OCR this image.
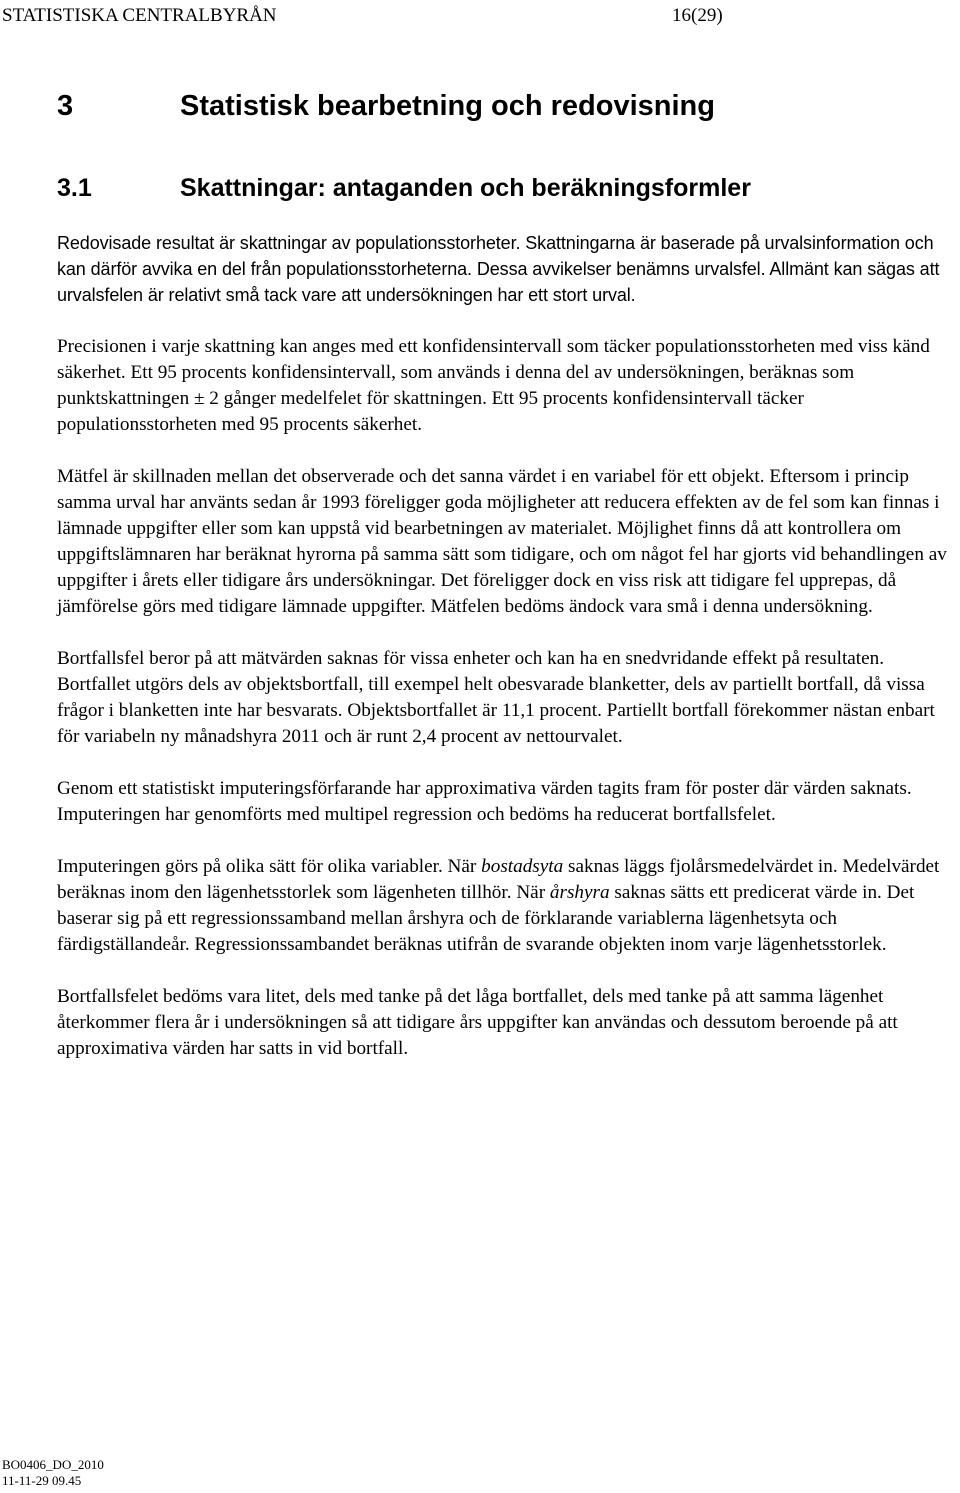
STATISTISKA CENTRALBYRÅN	16(29)
3	Statistisk bearbetning och redovisning
3.1	Skattningar: antaganden och beräkningsformler

Redovisade resultat är skattningar av populationsstorheter. Skattningarna är baserade på urvalsinformation och kan därför avvika en del från populationsstorheterna. Dessa avvikelser benämns urvalsfel. Allmänt kan sägas att urvalsfelen är relativt små tack vare att undersökningen har ett stort urval.

Precisionen i varje skattning kan anges med ett konfidensintervall som täcker populationsstorheten med viss känd säkerhet. Ett 95 procents konfidensintervall, som används i denna del av undersökningen, beräknas som punktskattningen ± 2 gånger medelfelet för skattningen. Ett 95 procents konfidensintervall täcker populationsstorheten med 95 procents säkerhet.

Mätfel är skillnaden mellan det observerade och det sanna värdet i en variabel för ett objekt. Eftersom i princip samma urval har använts sedan år 1993 föreligger goda möjligheter att reducera effekten av de fel som kan finnas i lämnade uppgifter eller som kan uppstå vid bearbetningen av materialet. Möjlighet finns då att kontrollera om uppgiftslämnaren har beräknat hyrorna på samma sätt som tidigare, och om något fel har gjorts vid behandlingen av uppgifter i årets eller tidigare års undersökningar. Det föreligger dock en viss risk att tidigare fel upprepas, då jämförelse görs med tidigare lämnade uppgifter. Mätfelen bedöms ändock vara små i denna undersökning.

Bortfallsfel beror på att mätvärden saknas för vissa enheter och kan ha en snedvridande effekt på resultaten. Bortfallet utgörs dels av objektsbortfall, till exempel helt obesvarade blanketter, dels av partiellt bortfall, då vissa frågor i blanketten inte har besvarats. Objektsbortfallet är 11,1 procent. Partiellt bortfall förekommer nästan enbart för variabeln ny månadshyra 2011 och är runt 2,4 procent av nettourvalet.

Genom ett statistiskt imputeringsförfarande har approximativa värden tagits fram för poster där värden saknats. Imputeringen har genomförts med multipel regression och bedöms ha reducerat bortfallsfelet.

Imputeringen görs på olika sätt för olika variabler. När bostadsyta saknas läggs fjolårsmedelvärdet in. Medelvärdet beräknas inom den lägenhetsstorlek som lägenheten tillhör. När årshyra saknas sätts ett predicerat värde in. Det baserar sig på ett regressionssamband mellan årshyra och de förklarande variablerna lägenhetsyta och färdigställandeår. Regressionssambandet beräknas utifrån de svarande objekten inom varje lägenhetsstorlek.

Bortfallsfelet bedöms vara litet, dels med tanke på det låga bortfallet, dels med tanke på att samma lägenhet återkommer flera år i undersökningen så att tidigare års uppgifter kan användas och dessutom beroende på att approximativa värden har satts in vid bortfall.

BO0406_DO_2010
11-11-29 09.45
